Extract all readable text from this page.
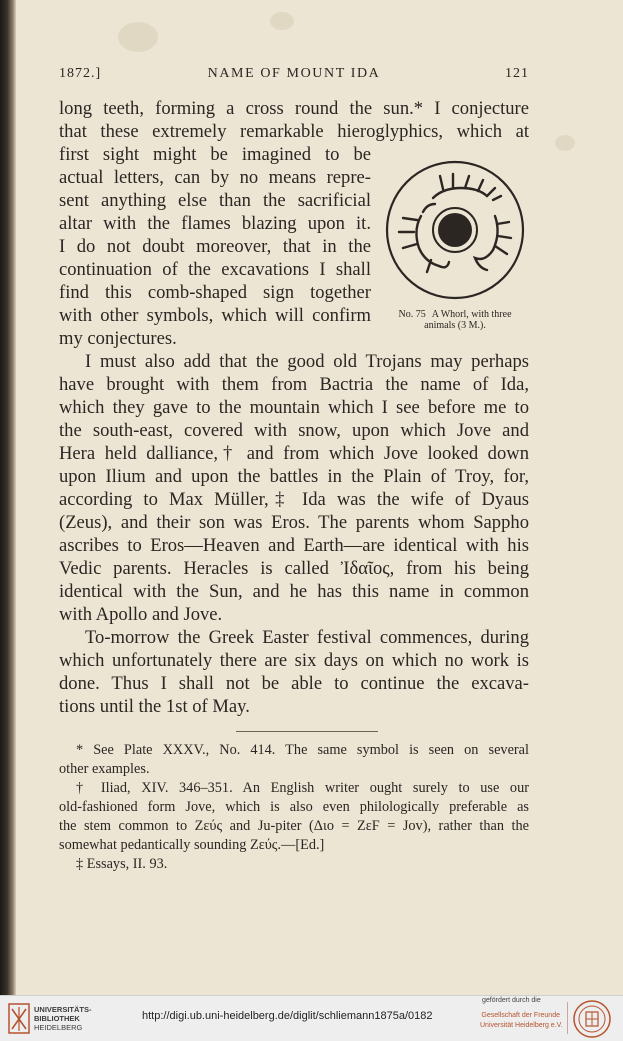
1872.]	NAME OF MOUNT IDA	121
long teeth, forming a cross round the sun.* I conjecture
that these extremely remarkable hieroglyphics, which at
first sight might be imagined to be
actual letters, can by no means repre-
sent anything else than the sacrificial
altar with the flames blazing upon it.
I do not doubt moreover, that in the
continuation of the excavations I shall
find this comb-shaped sign together
with other symbols, which will confirm
my conjectures.
I must also add that the good old Trojans may perhaps
have brought with them from Bactria the name of Ida,
which they gave to the mountain which I see before me to
the south-east, covered with snow, upon which Jove and
Hera held dalliance,† and from which Jove looked down
upon Ilium and upon the battles in the Plain of Troy, for,
according to Max Müller,‡ Ida was the wife of Dyaus
(Zeus), and their son was Eros. The parents whom Sappho
ascribes to Eros—Heaven and Earth—are identical with his
Vedic parents. Heracles is called Ἰδαῖος, from his being
identical with the Sun, and he has this name in common
with Apollo and Jove.
To-morrow the Greek Easter festival commences, during
which unfortunately there are six days on which no work is
done. Thus I shall not be able to continue the excava-
tions until the 1st of May.
No. 75 A Whorl, with three
animals (3 M.).
* See Plate XXXV., No. 414. The same symbol is seen on several
other examples.
† Iliad, XIV. 346–351. An English writer ought surely to use our
old-fashioned form Jove, which is also even philologically preferable as
the stem common to Ζεύς and Ju-piter (Διο = ΖεϜ = Jov), rather than the
somewhat pedantically sounding Ζεύς.—[Ed.]
‡ Essays, II. 93.
UNIVERSITÄTS-
BIBLIOTHEK
HEIDELBERG
http://digi.ub.uni-heidelberg.de/diglit/schliemann1875a/0182
gefördert durch die
Gesellschaft der Freunde
Universität Heidelberg e.V.
